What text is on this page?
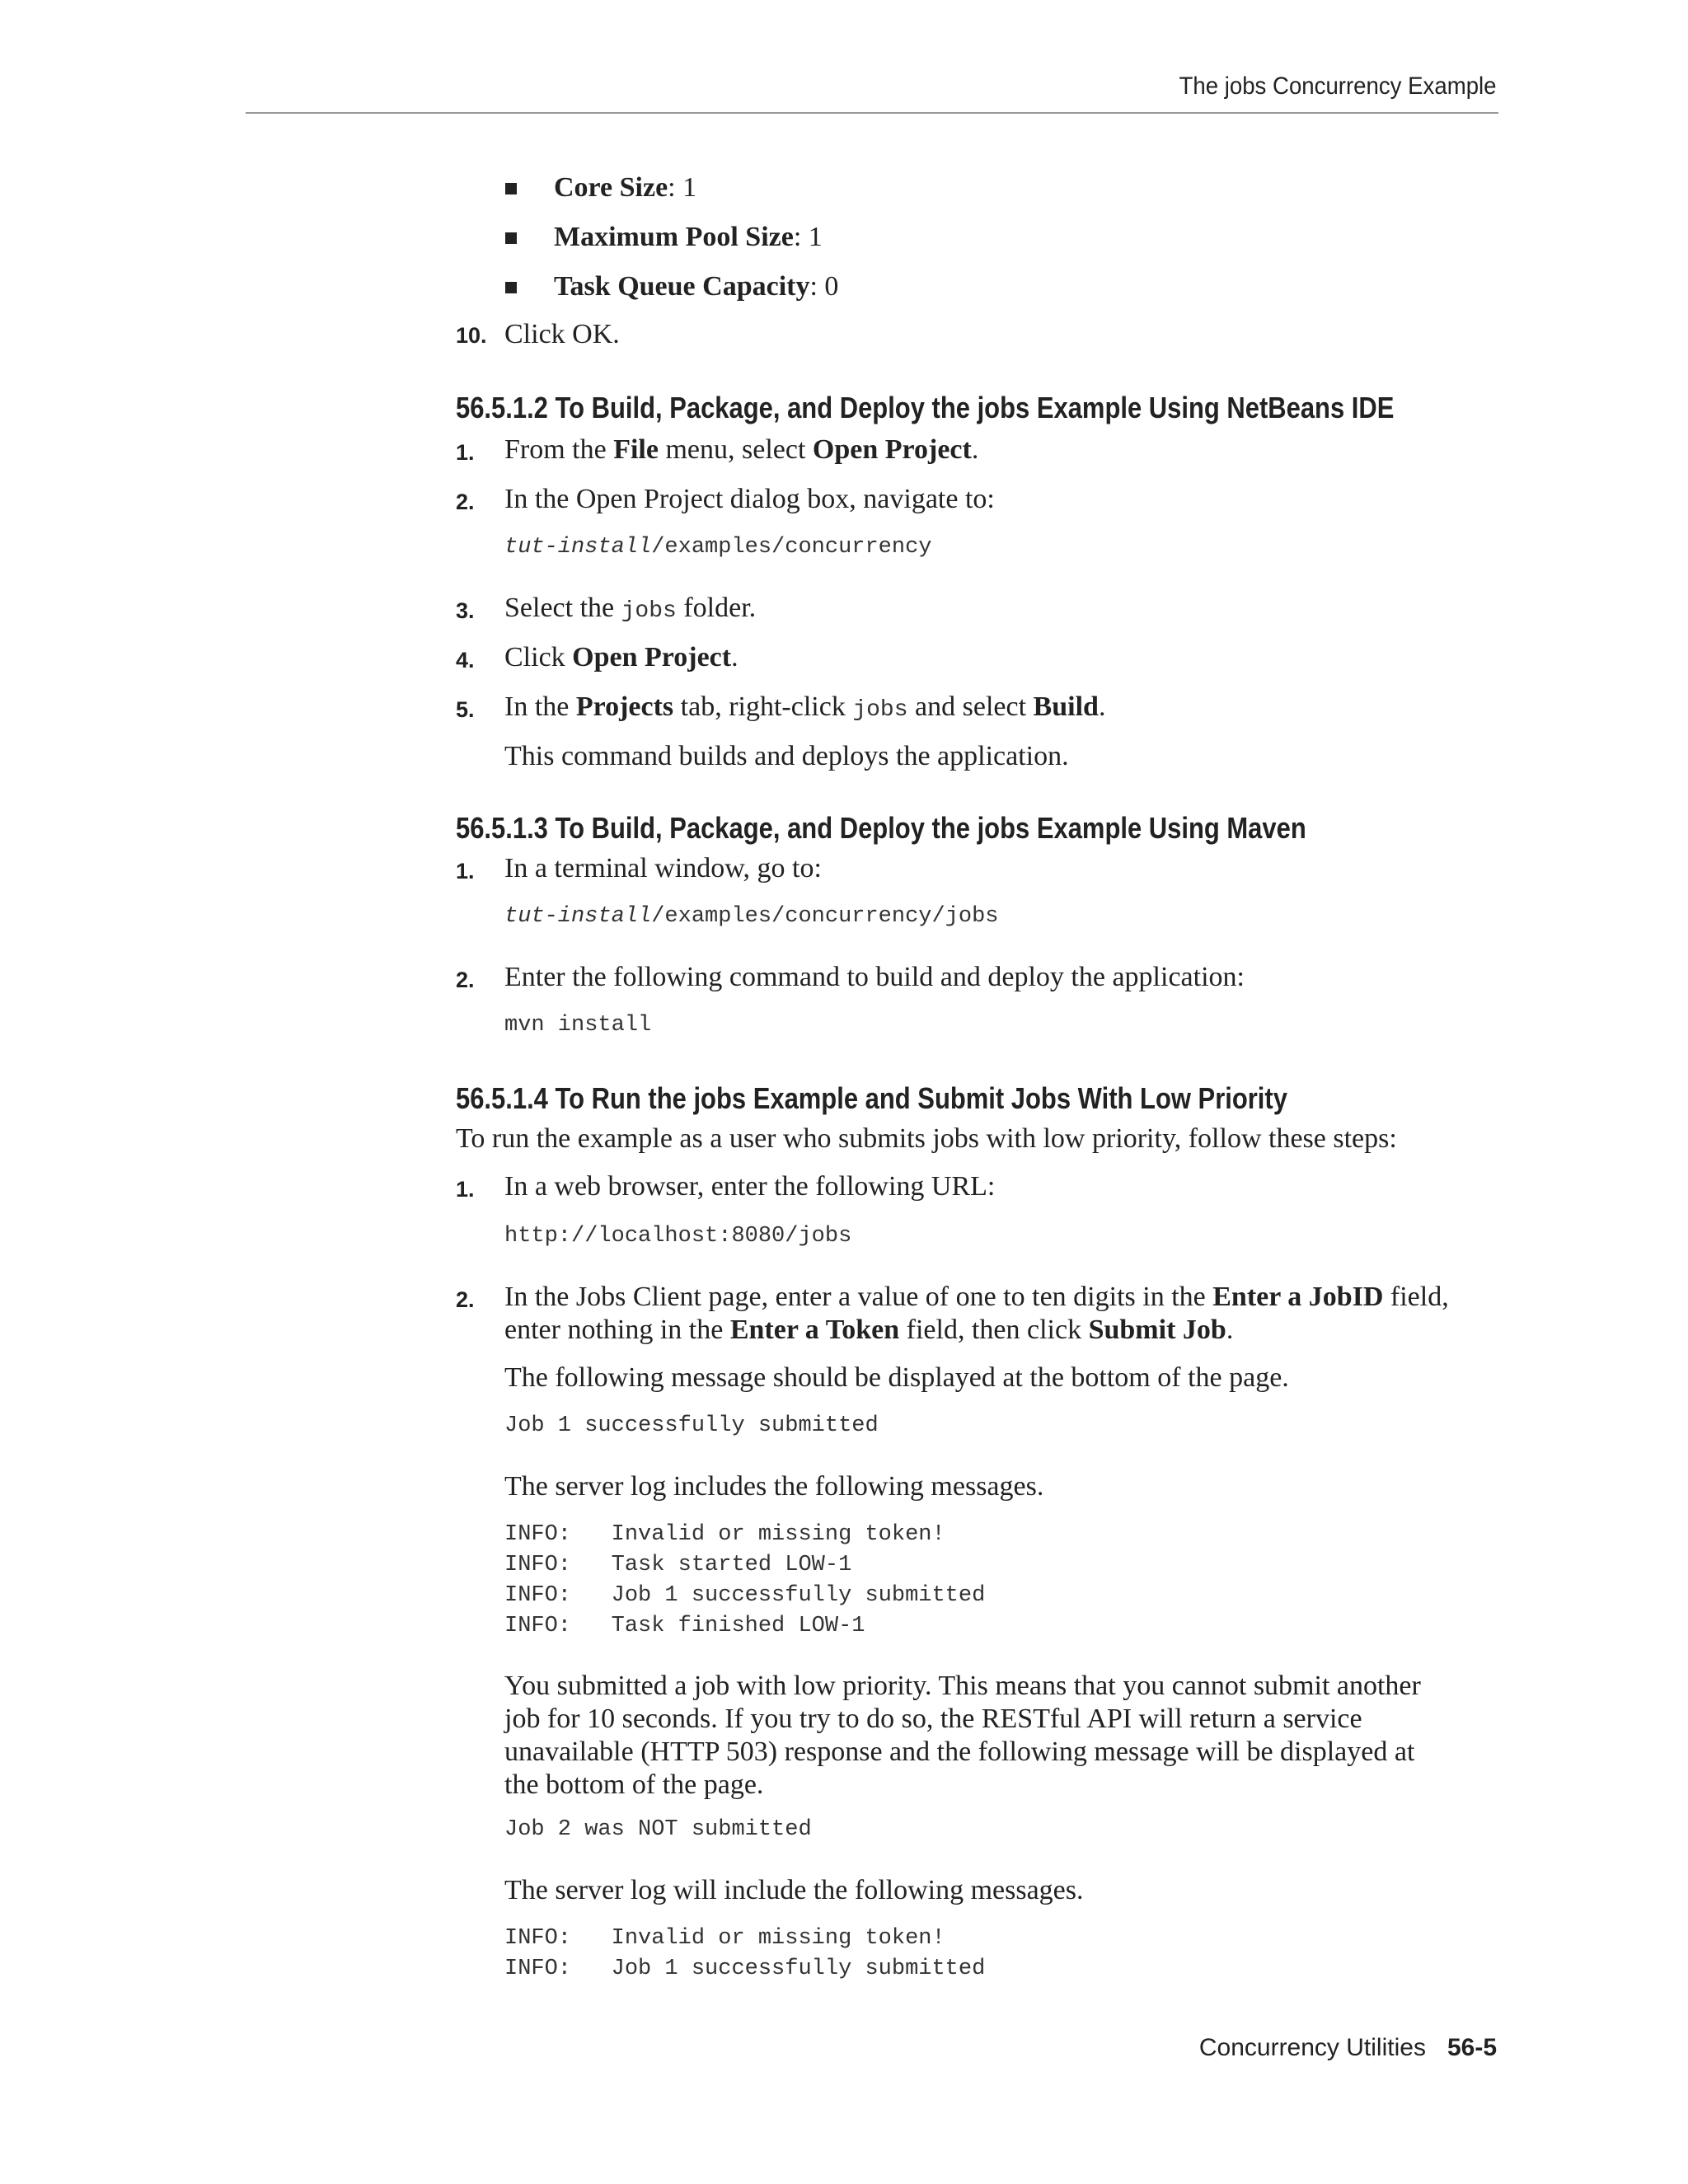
The jobs Concurrency Example
Core Size: 1
Maximum Pool Size: 1
Task Queue Capacity: 0
10. Click OK.
56.5.1.2 To Build, Package, and Deploy the jobs Example Using NetBeans IDE
1. From the File menu, select Open Project.
2. In the Open Project dialog box, navigate to:
tut-install/examples/concurrency
3. Select the jobs folder.
4. Click Open Project.
5. In the Projects tab, right-click jobs and select Build.
This command builds and deploys the application.
56.5.1.3 To Build, Package, and Deploy the jobs Example Using Maven
1. In a terminal window, go to:
tut-install/examples/concurrency/jobs
2. Enter the following command to build and deploy the application:
mvn install
56.5.1.4 To Run the jobs Example and Submit Jobs With Low Priority
To run the example as a user who submits jobs with low priority, follow these steps:
1. In a web browser, enter the following URL:
http://localhost:8080/jobs
2. In the Jobs Client page, enter a value of one to ten digits in the Enter a JobID field,
enter nothing in the Enter a Token field, then click Submit Job.
The following message should be displayed at the bottom of the page.
Job 1 successfully submitted
The server log includes the following messages.
INFO:   Invalid or missing token!
INFO:   Task started LOW-1
INFO:   Job 1 successfully submitted
INFO:   Task finished LOW-1
You submitted a job with low priority. This means that you cannot submit another
job for 10 seconds. If you try to do so, the RESTful API will return a service
unavailable (HTTP 503) response and the following message will be displayed at
the bottom of the page.
Job 2 was NOT submitted
The server log will include the following messages.
INFO:   Invalid or missing token!
INFO:   Job 1 successfully submitted
Concurrency Utilities 56-5
